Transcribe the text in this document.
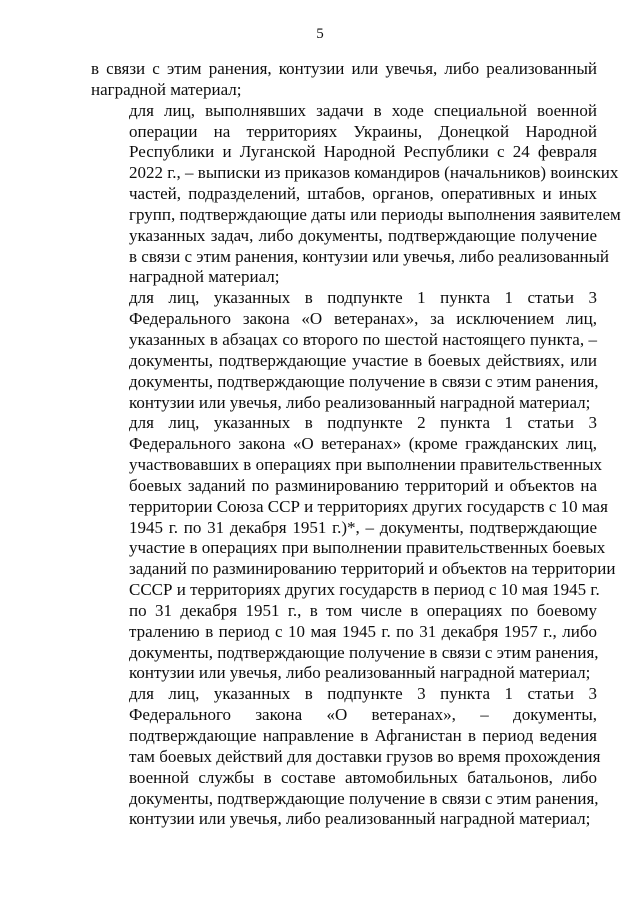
5

в связи с этим ранения, контузии или увечья, либо реализованный
наградной материал;

для лиц, выполнявших задачи в ходе специальной военной
операции на территориях Украины, Донецкой Народной
Республики и Луганской Народной Республики с 24 февраля
2022 г., – выписки из приказов командиров (начальников) воинских
частей, подразделений, штабов, органов, оперативных и иных
групп, подтверждающие даты или периоды выполнения заявителем
указанных задач, либо документы, подтверждающие получение
в связи с этим ранения, контузии или увечья, либо реализованный
наградной материал;

для лиц, указанных в подпункте 1 пункта 1 статьи 3
Федерального закона «О ветеранах», за исключением лиц,
указанных в абзацах со второго по шестой настоящего пункта, –
документы, подтверждающие участие в боевых действиях, или
документы, подтверждающие получение в связи с этим ранения,
контузии или увечья, либо реализованный наградной материал;

для лиц, указанных в подпункте 2 пункта 1 статьи 3
Федерального закона «О ветеранах» (кроме гражданских лиц,
участвовавших в операциях при выполнении правительственных
боевых заданий по разминированию территорий и объектов на
территории Союза ССР и территориях других государств с 10 мая
1945 г. по 31 декабря 1951 г.)*, – документы, подтверждающие
участие в операциях при выполнении правительственных боевых
заданий по разминированию территорий и объектов на территории
СССР и территориях других государств в период с 10 мая 1945 г.
по 31 декабря 1951 г., в том числе в операциях по боевому
тралению в период с 10 мая 1945 г. по 31 декабря 1957 г., либо
документы, подтверждающие получение в связи с этим ранения,
контузии или увечья, либо реализованный наградной материал;

для лиц, указанных в подпункте 3 пункта 1 статьи 3
Федерального закона «О ветеранах», – документы,
подтверждающие направление в Афганистан в период ведения
там боевых действий для доставки грузов во время прохождения
военной службы в составе автомобильных батальонов, либо
документы, подтверждающие получение в связи с этим ранения,
контузии или увечья, либо реализованный наградной материал;
